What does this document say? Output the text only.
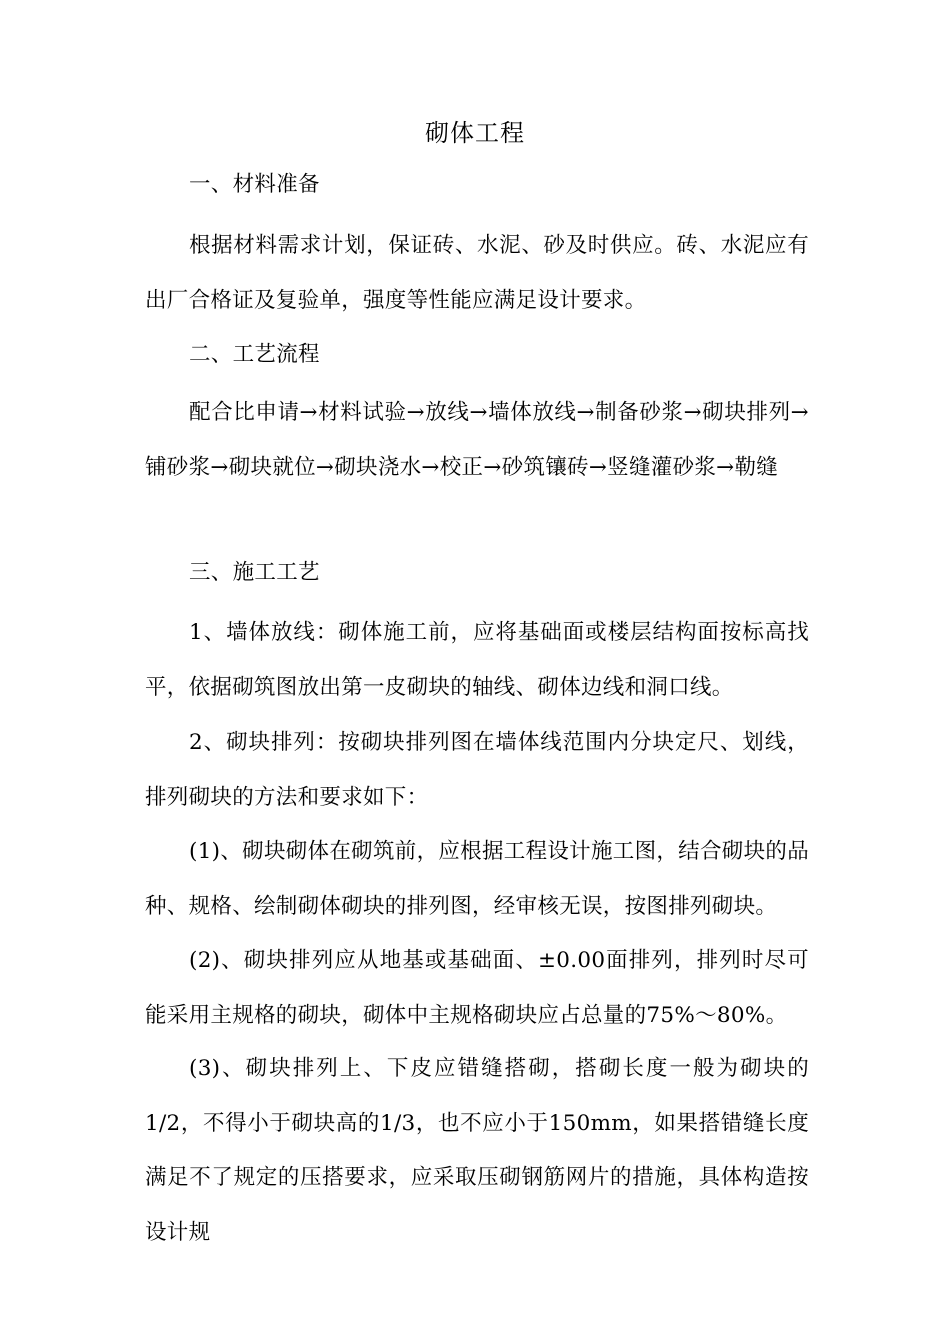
砌体工程

一、材料准备

根据材料需求计划，保证砖、水泥、砂及时供应。砖、水泥应有出厂合格证及复验单，强度等性能应满足设计要求。

二、工艺流程

配合比申请→材料试验→放线→墙体放线→制备砂浆→砌块排列→铺砂浆→砌块就位→砌块浇水→校正→砂筑镶砖→竖缝灌砂浆→勒缝

三、施工工艺

1、墙体放线：砌体施工前，应将基础面或楼层结构面按标高找平，依据砌筑图放出第一皮砌块的轴线、砌体边线和洞口线。

2、砌块排列：按砌块排列图在墙体线范围内分块定尺、划线，排列砌块的方法和要求如下：

(1)、砌块砌体在砌筑前，应根据工程设计施工图，结合砌块的品种、规格、绘制砌体砌块的排列图，经审核无误，按图排列砌块。

(2)、砌块排列应从地基或基础面、±0.00面排列，排列时尽可能采用主规格的砌块，砌体中主规格砌块应占总量的75%～80%。

(3)、砌块排列上、下皮应错缝搭砌，搭砌长度一般为砌块的1/2，不得小于砌块高的1/3，也不应小于150mm，如果搭错缝长度满足不了规定的压搭要求，应采取压砌钢筋网片的措施，具体构造按设计规
